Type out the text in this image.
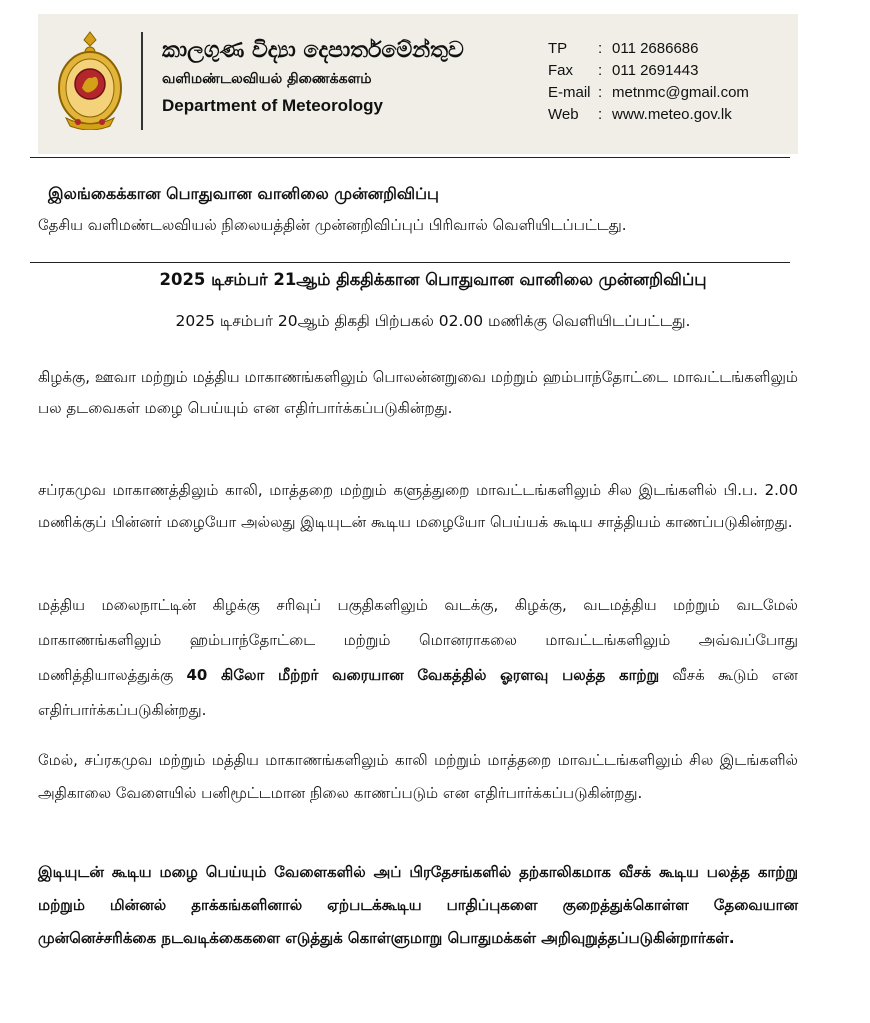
කාලගුණ විද්‍යා දෙපාර්තමේන්තුව
வளிமண்டலவியல் திணைக்களம்
Department of Meteorology
TP	: 011 2686686
Fax	: 011 2691443
E-mail : metnmc@gmail.com
Web	: www.meteo.gov.lk
இலங்கைக்கான பொதுவான வானிலை முன்னறிவிப்பு
தேசிய வளிமண்டலவியல் நிலையத்தின் முன்னறிவிப்புப் பிரிவால் வெளியிடப்பட்டது.
2025 டிசம்பர் 21ஆம் திகதிக்கான பொதுவான வானிலை முன்னறிவிப்பு
2025 டிசம்பர் 20ஆம் திகதி பிற்பகல் 02.00 மணிக்கு வெளியிடப்பட்டது.
கிழக்கு, ஊவா மற்றும் மத்திய மாகாணங்களிலும் பொலன்னறுவை மற்றும் ஹம்பாந்தோட்டை மாவட்டங்களிலும் பல தடவைகள் மழை பெய்யும் என எதிர்பார்க்கப்படுகின்றது.
சப்ரகமுவ மாகாணத்திலும் காலி, மாத்தறை மற்றும் களுத்துறை மாவட்டங்களிலும் சில இடங்களில் பி.ப. 2.00 மணிக்குப் பின்னர் மழையோ அல்லது இடியுடன் கூடிய மழையோ பெய்யக் கூடிய சாத்தியம் காணப்படுகின்றது.
மத்திய மலைநாட்டின் கிழக்கு சரிவுப் பகுதிகளிலும் வடக்கு, கிழக்கு, வடமத்திய மற்றும் வடமேல் மாகாணங்களிலும் ஹம்பாந்தோட்டை மற்றும் மொனராகலை மாவட்டங்களிலும் அவ்வப்போது மணித்தியாலத்துக்கு 40 கிலோ மீற்றர் வரையான வேகத்தில் ஓரளவு பலத்த காற்று வீசக் கூடும் என எதிர்பார்க்கப்படுகின்றது.
மேல், சப்ரகமுவ மற்றும் மத்திய மாகாணங்களிலும் காலி மற்றும் மாத்தறை மாவட்டங்களிலும் சில இடங்களில் அதிகாலை வேளையில் பனிமூட்டமான நிலை காணப்படும் என எதிர்பார்க்கப்படுகின்றது.
இடியுடன் கூடிய மழை பெய்யும் வேளைகளில் அப் பிரதேசங்களில் தற்காலிகமாக வீசக் கூடிய பலத்த காற்று மற்றும் மின்னல் தாக்கங்களினால் ஏற்படக்கூடிய பாதிப்புகளை குறைத்துக்கொள்ள தேவையான முன்னெச்சரிக்கை நடவடிக்கைகளை எடுத்துக் கொள்ளுமாறு பொதுமக்கள் அறிவுறுத்தப்படுகின்றார்கள்.
